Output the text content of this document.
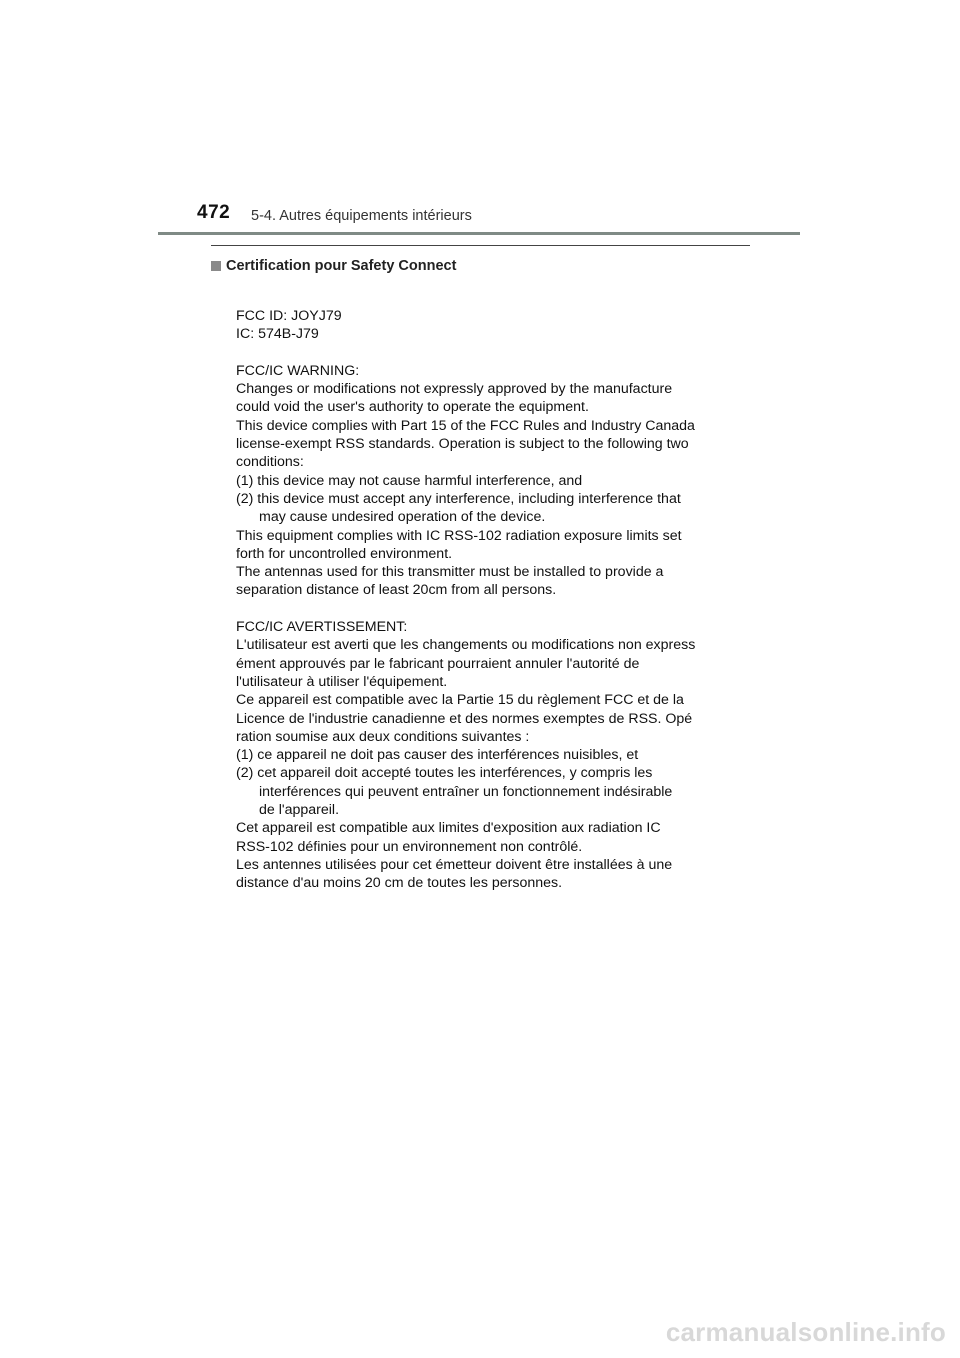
472 5-4. Autres équipements intérieurs
Certification pour Safety Connect
FCC ID: JOYJ79
IC: 574B-J79
FCC/IC WARNING:
Changes or modifications not expressly approved by the manufacture
could void the user's authority to operate the equipment.
This device complies with Part 15 of the FCC Rules and Industry Canada
license-exempt RSS standards. Operation is subject to the following two
conditions:
(1) this device may not cause harmful interference, and
(2) this device must accept any interference, including interference that
may cause undesired operation of the device.
This equipment complies with IC RSS-102 radiation exposure limits set
forth for uncontrolled environment.
The antennas used for this transmitter must be installed to provide a
separation distance of least 20cm from all persons.
FCC/IC AVERTISSEMENT:
L'utilisateur est averti que les changements ou modifications non express
ément approuvés par le fabricant pourraient annuler l'autorité de
l'utilisateur à utiliser l'équipement.
Ce appareil est compatible avec la Partie 15 du règlement FCC et de la
Licence de l'industrie canadienne et des normes exemptes de RSS. Opé
ration soumise aux deux conditions suivantes :
(1) ce appareil ne doit pas causer des interférences nuisibles, et
(2) cet appareil doit accepté toutes les interférences, y compris les
interférences qui peuvent entraîner un fonctionnement indésirable
de l'appareil.
Cet appareil est compatible aux limites d'exposition aux radiation IC
RSS-102 définies pour un environnement non contrôlé.
Les antennes utilisées pour cet émetteur doivent être installées à une
distance d'au moins 20 cm de toutes les personnes.
carmanualsonline.info
